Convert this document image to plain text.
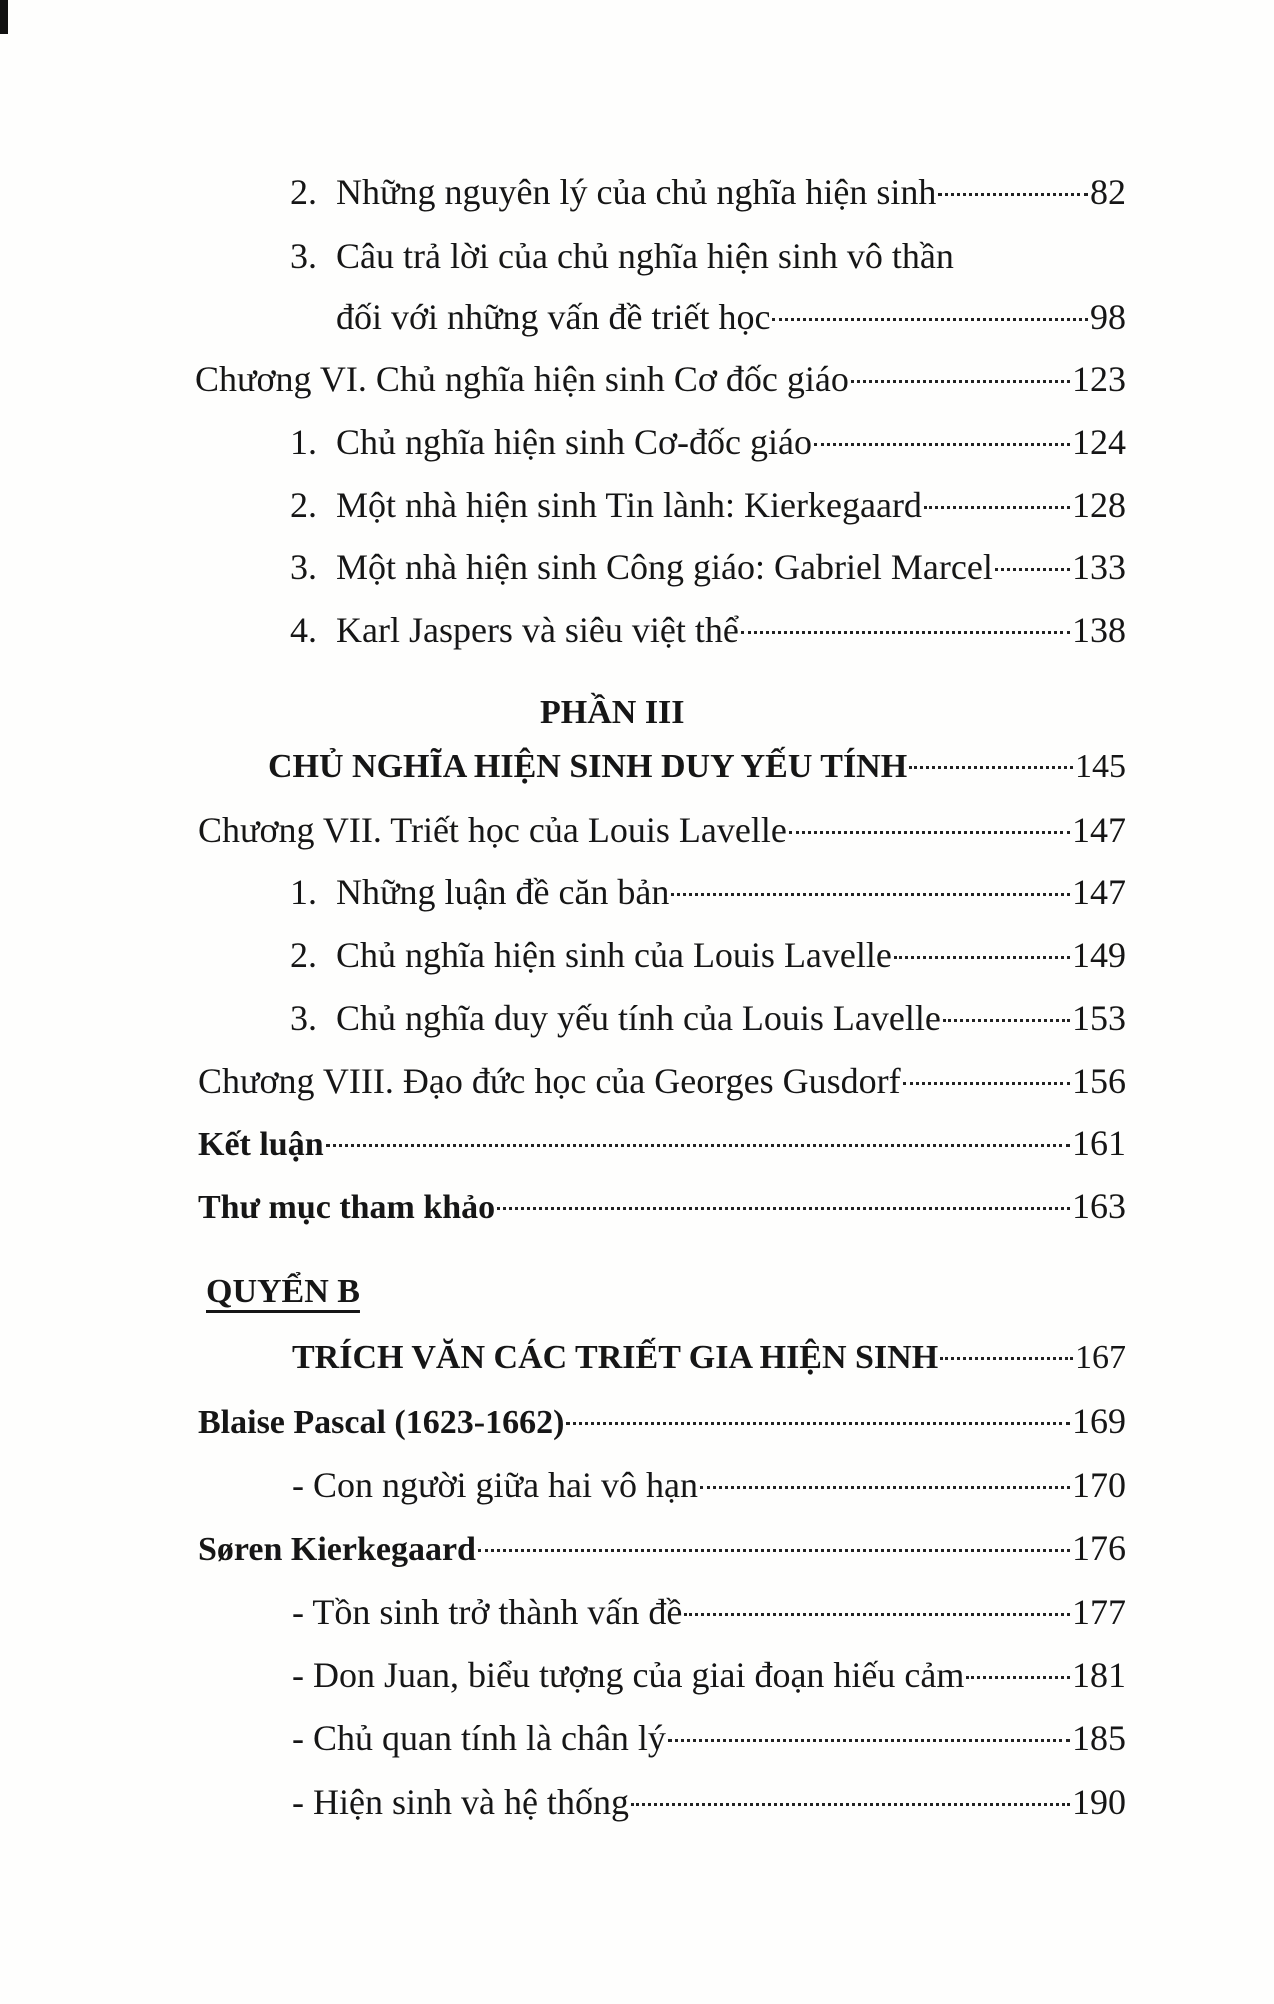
2. Những nguyên lý của chủ nghĩa hiện sinh	82
3. Câu trả lời của chủ nghĩa hiện sinh vô thần
đối với những vấn đề triết học	98
Chương VI. Chủ nghĩa hiện sinh Cơ đốc giáo	123
1. Chủ nghĩa hiện sinh Cơ-đốc giáo	124
2. Một nhà hiện sinh Tin lành: Kierkegaard	128
3. Một nhà hiện sinh Công giáo: Gabriel Marcel 133
4. Karl Jaspers và siêu việt thể	138
PHẦN III
CHỦ NGHĨA HIỆN SINH DUY YẾU TÍNH	145
Chương VII. Triết học của Louis Lavelle	147
1. Những luận đề căn bản	147
2. Chủ nghĩa hiện sinh của Louis Lavelle	149
3. Chủ nghĩa duy yếu tính của Louis Lavelle	153
Chương VIII. Đạo đức học của Georges Gusdorf	156
Kết luận	161
Thư mục tham khảo	163
QUYỂN B
TRÍCH VĂN CÁC TRIẾT GIA HIỆN SINH	167
Blaise Pascal (1623-1662)	169
- Con người giữa hai vô hạn	170
Søren Kierkegaard	176
- Tồn sinh trở thành vấn đề	177
- Don Juan, biểu tượng của giai đoạn hiếu cảm	181
- Chủ quan tính là chân lý	185
- Hiện sinh và hệ thống	190
